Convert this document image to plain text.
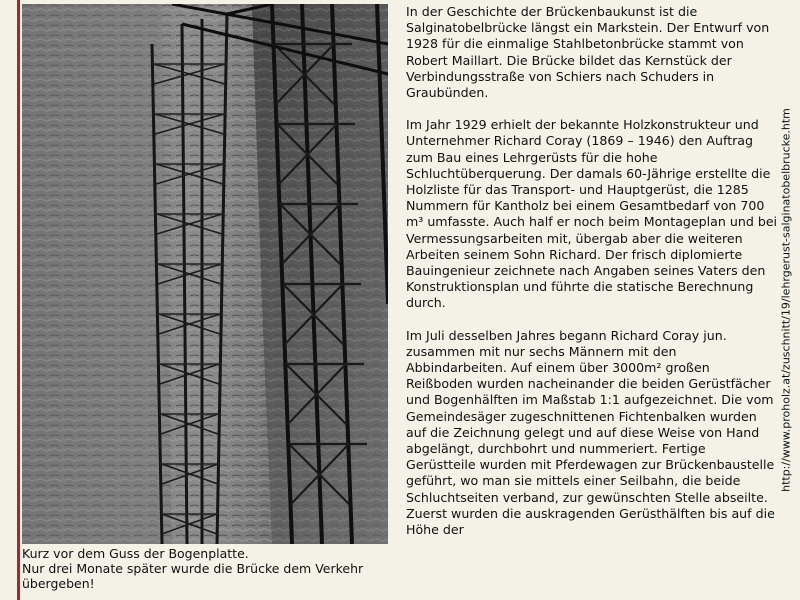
Kurz vor dem Guss der Bogenplatte.

Nur drei Monate später wurde die Brücke dem Verkehr übergeben!

In der Geschichte der Brückenbaukunst ist die Salginatobelbrücke längst ein Markstein. Der Entwurf von 1928 für die einmalige Stahlbetonbrücke stammt von Robert Maillart. Die Brücke bildet das Kernstück der Verbindungsstraße von Schiers nach Schuders in Graubünden.

Im Jahr 1929 erhielt der bekannte Holzkonstrukteur und Unternehmer Richard Coray (1869 – 1946) den Auftrag zum Bau eines Lehrgerüsts für die hohe Schluchtüberquerung. Der damals 60-Jährige erstellte die Holzliste für das Transport- und Hauptgerüst, die 1285 Nummern für Kantholz bei einem Gesamtbedarf von 700 m³ umfasste. Auch half er noch beim Montageplan und bei Vermessungsarbeiten mit, übergab aber die weiteren Arbeiten seinem Sohn Richard. Der frisch diplomierte Bauingenieur zeichnete nach Angaben seines Vaters den Konstruktionsplan und führte die statische Berechnung durch.

Im Juli desselben Jahres begann Richard Coray jun. zusammen mit nur sechs Männern mit den Abbindarbeiten. Auf einem über 3000m² großen Reißboden wurden nacheinander die beiden Gerüstfächer und Bogenhälften im Maßstab 1:1 aufgezeichnet. Die vom Gemeindesäger zugeschnittenen Fichtenbalken wurden auf die Zeichnung gelegt und auf diese Weise von Hand abgelängt, durchbohrt und nummeriert. Fertige Gerüstteile wurden mit Pferdewagen zur Brückenbaustelle geführt, wo man sie mittels einer Seilbahn, die beide Schluchtseiten verband, zur gewünschten Stelle abseilte. Zuerst wurden die auskragenden Gerüsthälften bis auf die Höhe der

http://www.proholz.at/zuschnitt/19/lehrgerust-salginatobelbrucke.htm
